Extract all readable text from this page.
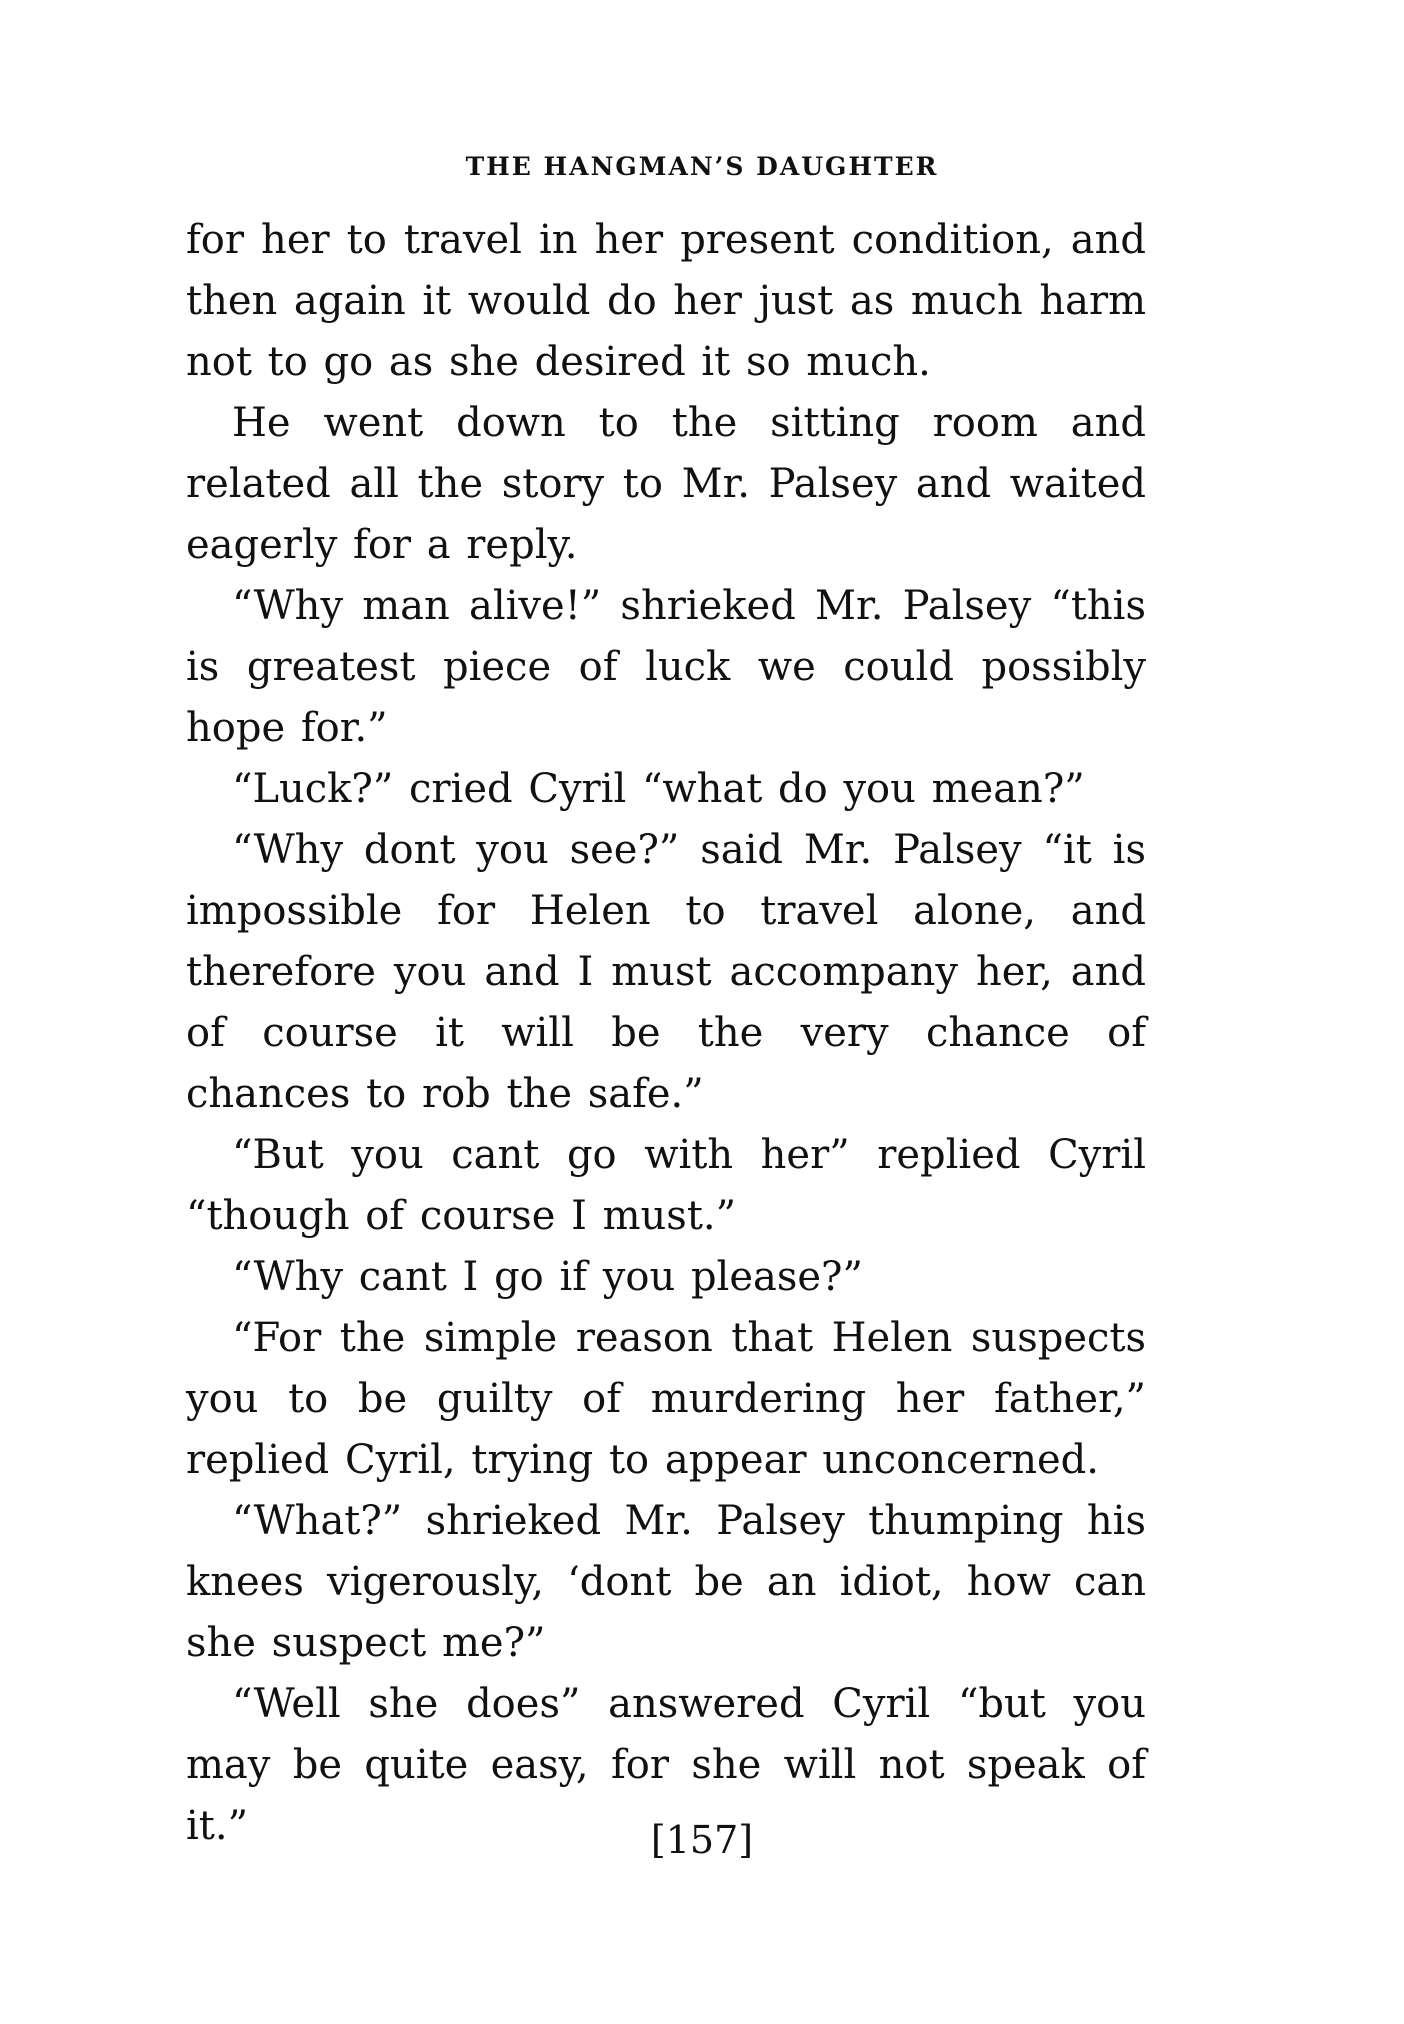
THE HANGMAN’S DAUGHTER

for her to travel in her present condition, and then again it would do her just as much harm not to go as she desired it so much.

He went down to the sitting room and related all the story to Mr. Palsey and waited eagerly for a reply.

“Why man alive!” shrieked Mr. Palsey “this is greatest piece of luck we could possibly hope for.”

“Luck?” cried Cyril “what do you mean?”

“Why dont you see?” said Mr. Palsey “it is impossible for Helen to travel alone, and therefore you and I must accompany her, and of course it will be the very chance of chances to rob the safe.”

“But you cant go with her” replied Cyril “though of course I must.”

“Why cant I go if you please?”

“For the simple reason that Helen suspects you to be guilty of murdering her father,” replied Cyril, trying to appear unconcerned.

“What?” shrieked Mr. Palsey thumping his knees vigerously, ‘dont be an idiot, how can she suspect me?”

“Well she does” answered Cyril “but you may be quite easy, for she will not speak of it.”	[157]
